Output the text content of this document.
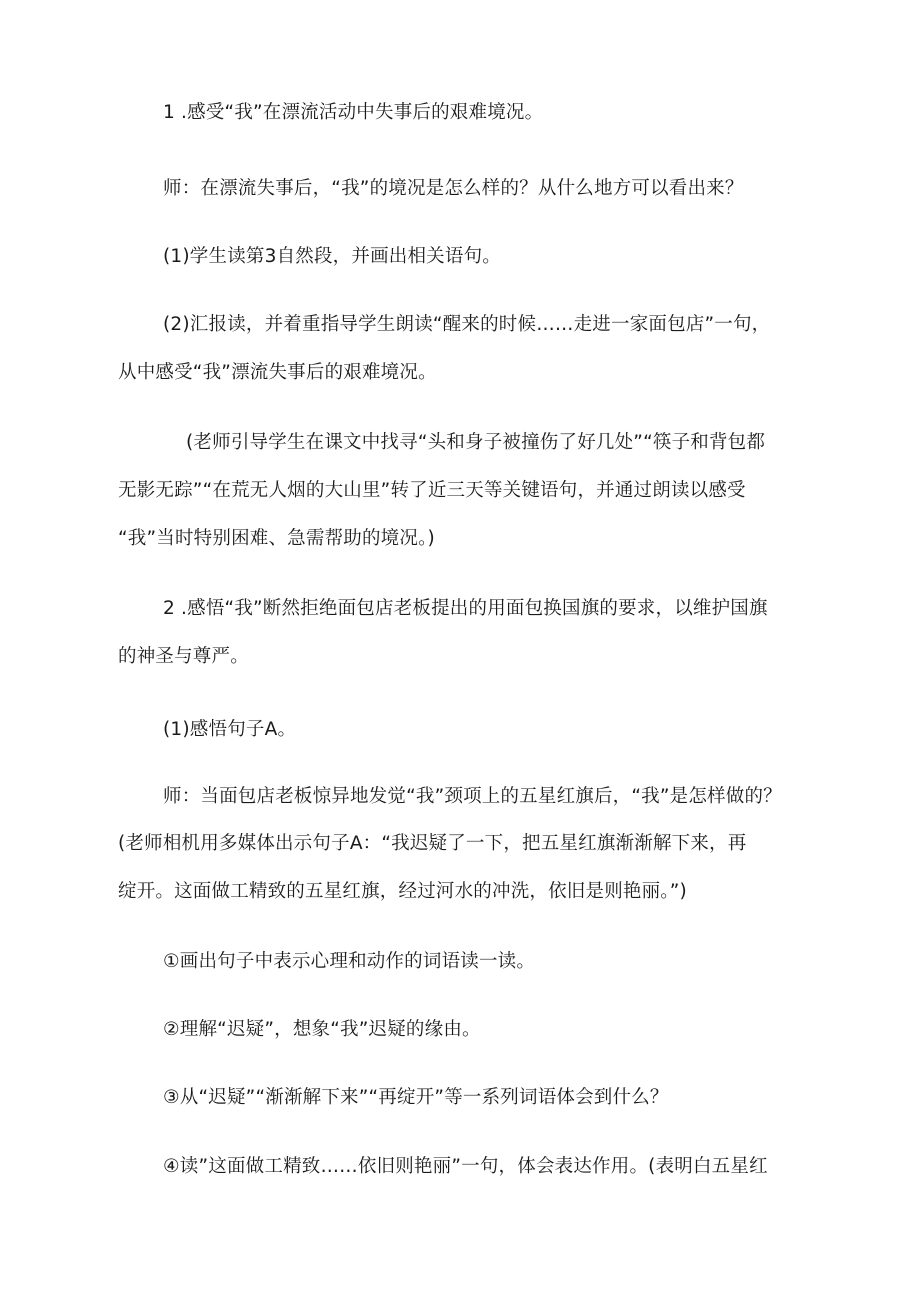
1 .感受“我”在漂流活动中失事后的艰难境况。
师：在漂流失事后，“我”的境况是怎么样的？从什么地方可以看出来？
(1)学生读第3自然段，并画出相关语句。
(2)汇报读，并着重指导学生朗读“醒来的时候……走进一家面包店”一句，
从中感受“我”漂流失事后的艰难境况。
(老师引导学生在课文中找寻“头和身子被撞伤了好几处”“筷子和背包都
无影无踪”“在荒无人烟的大山里”转了近三天等关键语句，并通过朗读以感受
“我”当时特别困难、急需帮助的境况。)
2 .感悟“我”断然拒绝面包店老板提出的用面包换国旗的要求，以维护国旗
的神圣与尊严。
(1)感悟句子A。
师：当面包店老板惊异地发觉“我”颈项上的五星红旗后，“我”是怎样做的？
(老师相机用多媒体出示句子A：“我迟疑了一下，把五星红旗渐渐解下来，再
绽开。这面做工精致的五星红旗，经过河水的冲洗，依旧是则艳丽。”)
①画出句子中表示心理和动作的词语读一读。
②理解“迟疑”，想象“我”迟疑的缘由。
③从“迟疑”“渐渐解下来”“再绽开”等一系列词语体会到什么？
④读”这面做工精致……依旧则艳丽”一句，体会表达作用。(表明白五星红
